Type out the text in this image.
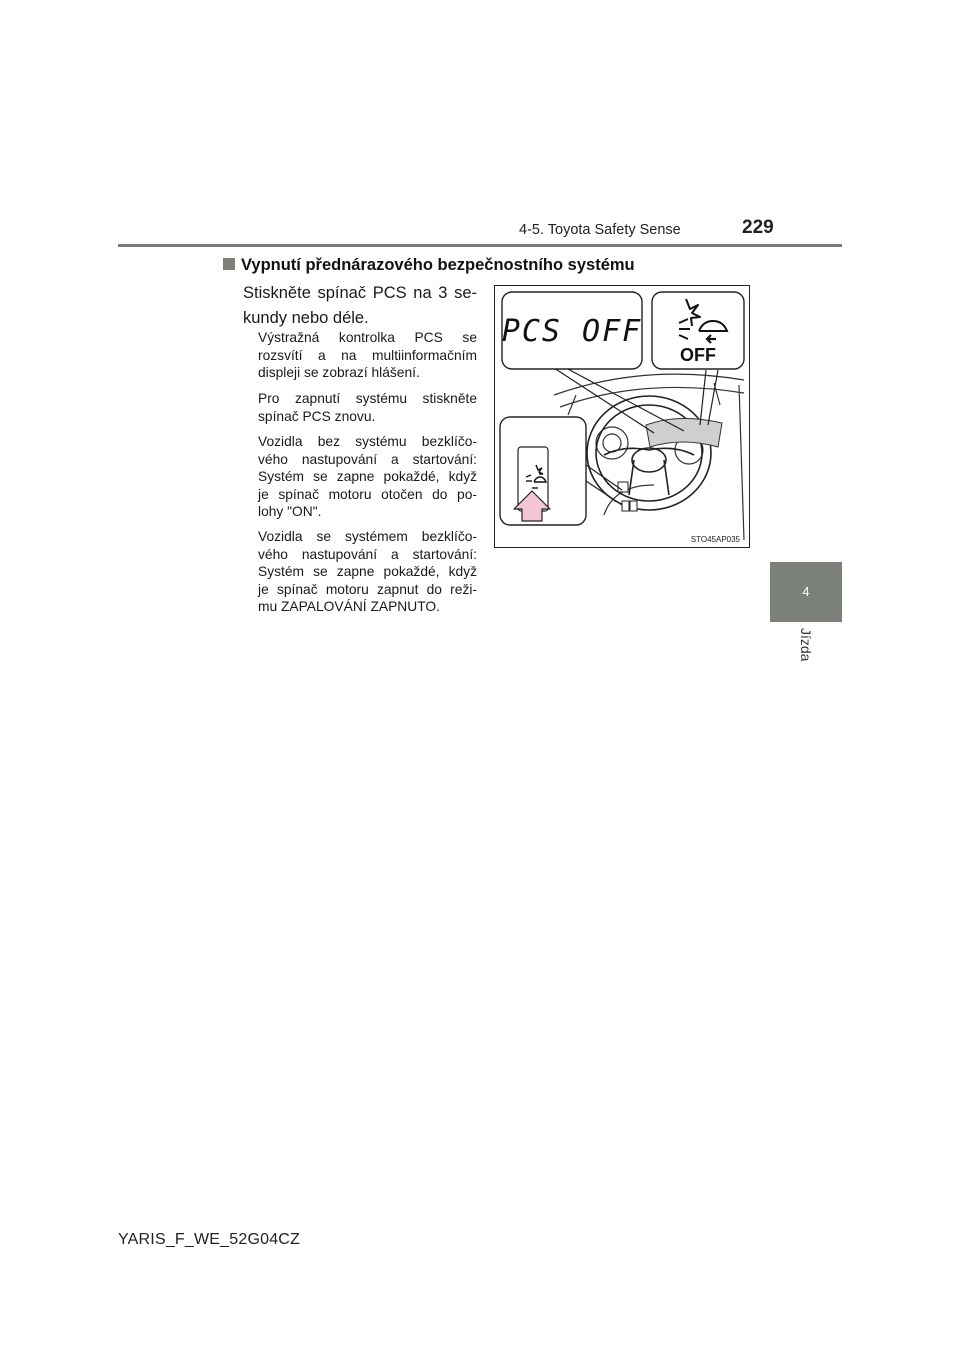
4-5. Toyota Safety Sense	229
4
Jízda
Vypnutí přednárazového bezpečnostního systému
Stiskněte spínač PCS na 3 se-
kundy nebo déle.
Výstražná kontrolka PCS se
rozsvítí a na multiinformačním
displeji se zobrazí hlášení.
Pro zapnutí systému stiskněte
spínač PCS znovu.
Vozidla bez systému bezklíčo-
vého nastupování a startování:
Systém se zapne pokaždé, když
je spínač motoru otočen do po-
lohy "ON".
Vozidla se systémem bezklíčo-
vého nastupování a startování:
Systém se zapne pokaždé, když
je spínač motoru zapnut do reži-
mu ZAPALOVÁNÍ ZAPNUTO.
PCS OFF
OFF
STO45AP035
YARIS_F_WE_52G04CZ
